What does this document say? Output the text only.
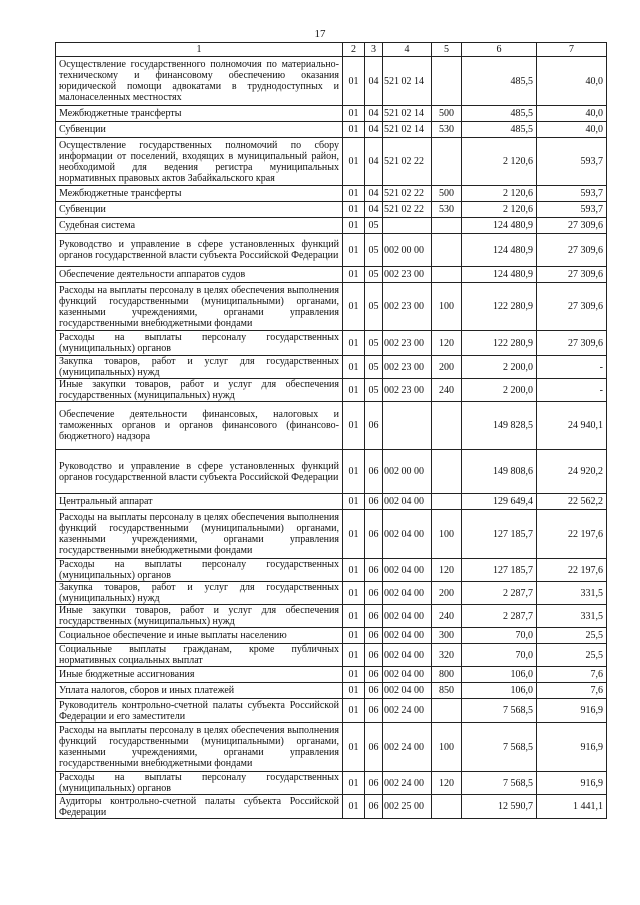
17
1	2	3	4	5	6	7
Осуществление государственного полномочия по материально-техническому и финансовому обеспечению оказания юридической помощи адвокатами в труднодоступных и малонаселенных местностях	01	04	521 02 14		485,5	40,0
Межбюджетные трансферты	01	04	521 02 14	500	485,5	40,0
Субвенции	01	04	521 02 14	530	485,5	40,0
Осуществление государственных полномочий по сбору информации от поселений, входящих в муниципальный район, необходимой для ведения регистра муниципальных нормативных правовых актов Забайкальского края	01	04	521 02 22		2 120,6	593,7
Межбюджетные трансферты	01	04	521 02 22	500	2 120,6	593,7
Субвенции	01	04	521 02 22	530	2 120,6	593,7
Судебная система	01	05			124 480,9	27 309,6
Руководство и управление в сфере установленных функций органов государственной власти субъекта Российской Федерации	01	05	002 00 00		124 480,9	27 309,6
Обеспечение деятельности аппаратов судов	01	05	002 23 00		124 480,9	27 309,6
Расходы на выплаты персоналу в целях обеспечения выполнения функций государственными (муниципальными) органами, казенными учреждениями, органами управления государственными внебюджетными фондами	01	05	002 23 00	100	122 280,9	27 309,6
Расходы на выплаты персоналу государственных (муниципальных) органов	01	05	002 23 00	120	122 280,9	27 309,6
Закупка товаров, работ и услуг для государственных (муниципальных) нужд	01	05	002 23 00	200	2 200,0	-
Иные закупки товаров, работ и услуг для обеспечения государственных (муниципальных) нужд	01	05	002 23 00	240	2 200,0	-
Обеспечение деятельности финансовых, налоговых и таможенных органов и органов финансового (финансово-бюджетного) надзора	01	06			149 828,5	24 940,1
Руководство и управление в сфере установленных функций органов государственной власти субъекта Российской Федерации	01	06	002 00 00		149 808,6	24 920,2
Центральный аппарат	01	06	002 04 00		129 649,4	22 562,2
Расходы на выплаты персоналу в целях обеспечения выполнения функций государственными (муниципальными) органами, казенными учреждениями, органами управления государственными внебюджетными фондами	01	06	002 04 00	100	127 185,7	22 197,6
Расходы на выплаты персоналу государственных (муниципальных) органов	01	06	002 04 00	120	127 185,7	22 197,6
Закупка товаров, работ и услуг для государственных (муниципальных) нужд	01	06	002 04 00	200	2 287,7	331,5
Иные закупки товаров, работ и услуг для обеспечения государственных (муниципальных) нужд	01	06	002 04 00	240	2 287,7	331,5
Социальное обеспечение и иные выплаты населению	01	06	002 04 00	300	70,0	25,5
Социальные выплаты гражданам, кроме публичных нормативных социальных выплат	01	06	002 04 00	320	70,0	25,5
Иные бюджетные ассигнования	01	06	002 04 00	800	106,0	7,6
Уплата налогов, сборов и иных платежей	01	06	002 04 00	850	106,0	7,6
Руководитель контрольно-счетной палаты субъекта Российской Федерации и его заместители	01	06	002 24 00		7 568,5	916,9
Расходы на выплаты персоналу в целях обеспечения выполнения функций государственными (муниципальными) органами, казенными учреждениями, органами управления государственными внебюджетными фондами	01	06	002 24 00	100	7 568,5	916,9
Расходы на выплаты персоналу государственных (муниципальных) органов	01	06	002 24 00	120	7 568,5	916,9
Аудиторы контрольно-счетной палаты субъекта Российской Федерации	01	06	002 25 00		12 590,7	1 441,1
